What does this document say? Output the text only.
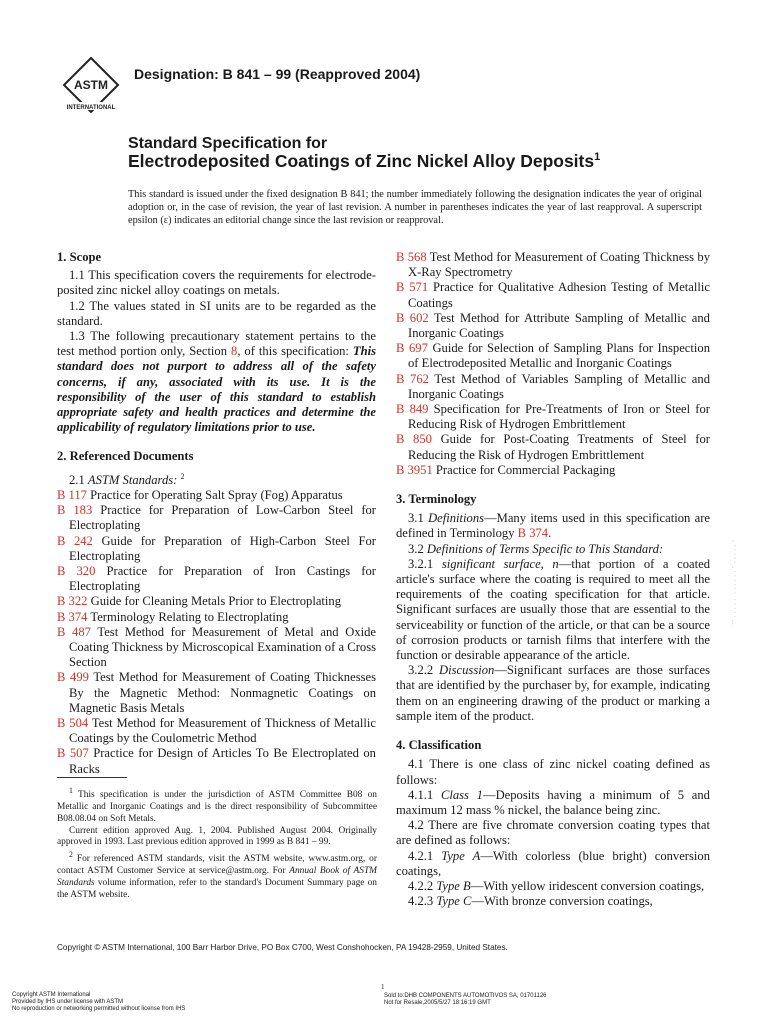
ASTM
INTERNATIONAL
Designation: B 841 – 99 (Reapproved 2004)
Standard Specification for
Electrodeposited Coatings of Zinc Nickel Alloy Deposits$^1$
This standard is issued under the fixed designation B 841; the number immediately following the designation indicates the year of original adoption or, in the case of revision, the year of last revision. A number in parentheses indicates the year of last reapproval. A superscript epsilon (ε) indicates an editorial change since the last revision or reapproval.
1. Scope

1.1 This specification covers the requirements for electrode-posited zinc nickel alloy coatings on metals.

1.2 The values stated in SI units are to be regarded as the standard.

1.3 The following precautionary statement pertains to the test method portion only, Section 8, of this specification: This standard does not purport to address all of the safety concerns, if any, associated with its use. It is the responsibility of the user of this standard to establish appropriate safety and health practices and determine the applicability of regulatory limitations prior to use.

2. Referenced Documents

2.1 ASTM Standards: $^2$

B 117 Practice for Operating Salt Spray (Fog) Apparatus

B 183 Practice for Preparation of Low-Carbon Steel for Electroplating

B 242 Guide for Preparation of High-Carbon Steel For Electroplating

B 320 Practice for Preparation of Iron Castings for Electroplating

B 322 Guide for Cleaning Metals Prior to Electroplating

B 374 Terminology Relating to Electroplating

B 487 Test Method for Measurement of Metal and Oxide Coating Thickness by Microscopical Examination of a Cross Section

B 499 Test Method for Measurement of Coating Thicknesses By the Magnetic Method: Nonmagnetic Coatings on Magnetic Basis Metals

B 504 Test Method for Measurement of Thickness of Metallic Coatings by the Coulometric Method

B 507 Practice for Design of Articles To Be Electroplated on Racks

$^1$ This specification is under the jurisdiction of ASTM Committee B08 on Metallic and Inorganic Coatings and is the direct responsibility of Subcommittee B08.08.04 on Soft Metals.

Current edition approved Aug. 1, 2004. Published August 2004. Originally approved in 1993. Last previous edition approved in 1999 as B 841 – 99.

$^2$ For referenced ASTM standards, visit the ASTM website, www.astm.org, or contact ASTM Customer Service at service@astm.org. For Annual Book of ASTM Standards volume information, refer to the standard's Document Summary page on the ASTM website.

B 568 Test Method for Measurement of Coating Thickness by X-Ray Spectrometry

B 571 Practice for Qualitative Adhesion Testing of Metallic Coatings

B 602 Test Method for Attribute Sampling of Metallic and Inorganic Coatings

B 697 Guide for Selection of Sampling Plans for Inspection of Electrodeposited Metallic and Inorganic Coatings

B 762 Test Method of Variables Sampling of Metallic and Inorganic Coatings

B 849 Specification for Pre-Treatments of Iron or Steel for Reducing Risk of Hydrogen Embrittlement

B 850 Guide for Post-Coating Treatments of Steel for Reducing the Risk of Hydrogen Embrittlement

B 3951 Practice for Commercial Packaging

3. Terminology

3.1 Definitions—Many items used in this specification are defined in Terminology B 374.

3.2 Definitions of Terms Specific to This Standard:

3.2.1 significant surface, n—that portion of a coated article's surface where the coating is required to meet all the requirements of the coating specification for that article. Significant surfaces are usually those that are essential to the serviceability or function of the article, or that can be a source of corrosion products or tarnish films that interfere with the function or desirable appearance of the article.

3.2.2 Discussion—Significant surfaces are those surfaces that are identified by the purchaser by, for example, indicating them on an engineering drawing of the product or marking a sample item of the product.

4. Classification

4.1 There is one class of zinc nickel coating defined as follows:

4.1.1 Class 1—Deposits having a minimum of 5 and maximum 12 mass % nickel, the balance being zinc.

4.2 There are five chromate conversion coating types that are defined as follows:

4.2.1 Type A—With colorless (blue bright) conversion coatings,

4.2.2 Type B—With yellow iridescent conversion coatings,

4.2.3 Type C—With bronze conversion coatings,

Copyright © ASTM International, 100 Barr Harbor Drive, PO Box C700, West Conshohocken, PA 19428-2959, United States.
1
Copyright ASTM International
Provided by IHS under license with ASTM
No reproduction or networking permitted without license from IHS
Sold to:DHB COMPONENTS AUTOMOTIVOS SA, 01701126
Not for Resale,2005/5/27 18:16:19 GMT
--`,`,`,`,`,``,`,`,`,`,`,`-`,`,`,`,`,`-
